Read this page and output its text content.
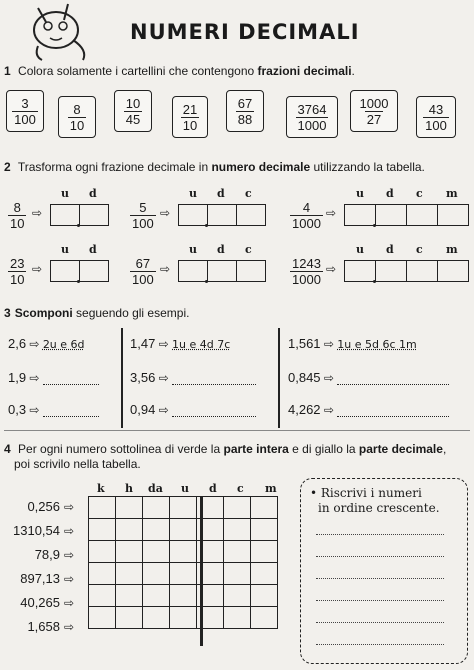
NUMERI DECIMALI
1 Colora solamente i cartellini che contengono frazioni decimali.
$\frac{3}{100} \frac{8}{10}$	$\frac{10}{45}$	$\frac{21}{10}$	$\frac{67}{88}$	$\frac{3764}{1000} \frac{1000}{27}$	$\frac{43}{100}$
2 Trasforma ogni frazione decimale in numero decimale utilizzando la tabella.
$\frac{8}{10}$ ⇨
u d
$\frac{5}{100}$ ⇨
u d c
$\frac{4}{1000}$ ⇨
u d c m
$\frac{23}{10}$ ⇨
u d
$\frac{67}{100}$ ⇨
u d c
$\frac{1243}{1000}$ ⇨
u d c m
3 Scomponi seguendo gli esempi.
2,6 ⇨ 2u e 6d	1,47 ⇨ 1u e 4d 7c	1,561 ⇨ 1u e 5d 6c 1m
1,9 ⇨	3,56 ⇨	0,845 ⇨
0,3 ⇨	0,94 ⇨	4,262 ⇨
4 Per ogni numero sottolinea di verde la parte intera e di giallo la parte decimale,
poi scrivilo nella tabella.
k h da u d c m
0,256 ⇨
1310,54 ⇨
78,9 ⇨
897,13 ⇨
40,265 ⇨
1,658 ⇨

• Riscrivi i numeri
in ordine crescente.
